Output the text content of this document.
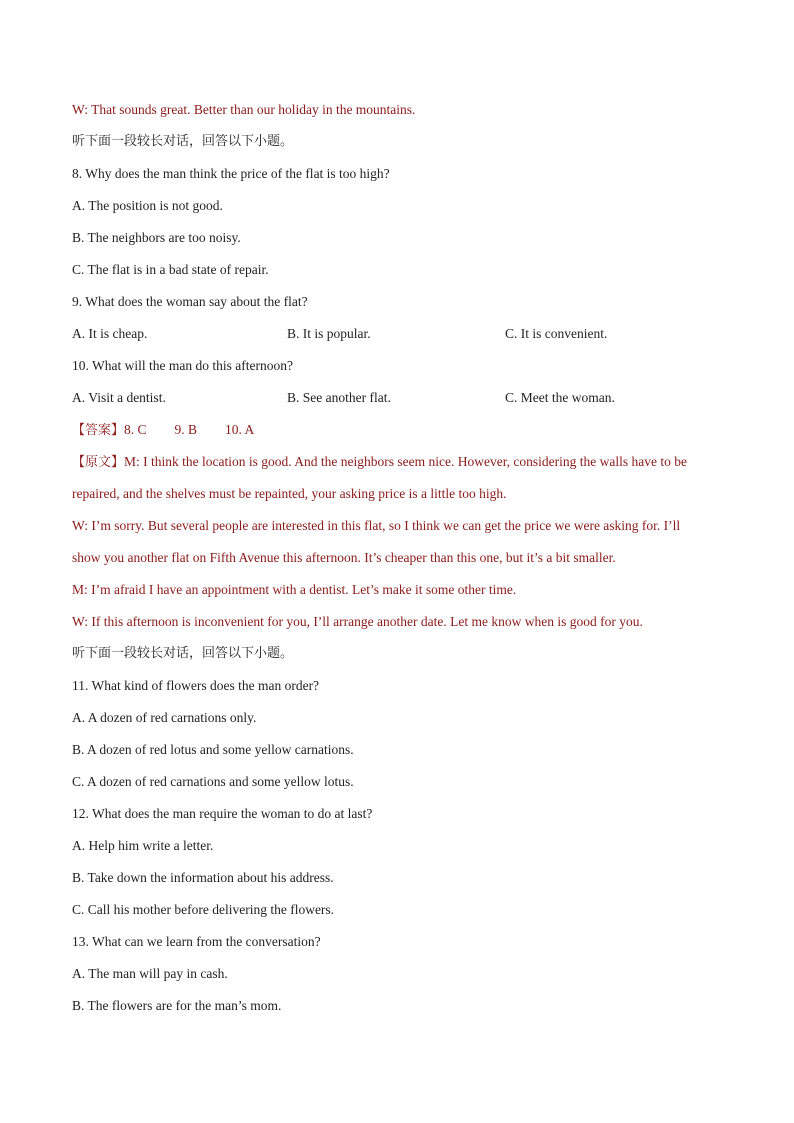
W: That sounds great. Better than our holiday in the mountains.
听下面一段较长对话，回答以下小题。
8. Why does the man think the price of the flat is too high?
A. The position is not good.
B. The neighbors are too noisy.
C. The flat is in a bad state of repair.
9. What does the woman say about the flat?
A. It is cheap.	B. It is popular.	C. It is convenient.
10. What will the man do this afternoon?
A. Visit a dentist.	B. See another flat.	C. Meet the woman.
【答案】8. C 9. B 10. A
【原文】M: I think the location is good. And the neighbors seem nice. However, considering the walls have to be
repaired, and the shelves must be repainted, your asking price is a little too high.
W: I’m sorry. But several people are interested in this flat, so I think we can get the price we were asking for. I’ll
show you another flat on Fifth Avenue this afternoon. It’s cheaper than this one, but it’s a bit smaller.
M: I’m afraid I have an appointment with a dentist. Let’s make it some other time.
W: If this afternoon is inconvenient for you, I’ll arrange another date. Let me know when is good for you.
听下面一段较长对话，回答以下小题。
11. What kind of flowers does the man order?
A. A dozen of red carnations only.
B. A dozen of red lotus and some yellow carnations.
C. A dozen of red carnations and some yellow lotus.
12. What does the man require the woman to do at last?
A. Help him write a letter.
B. Take down the information about his address.
C. Call his mother before delivering the flowers.
13. What can we learn from the conversation?
A. The man will pay in cash.
B. The flowers are for the man’s mom.
